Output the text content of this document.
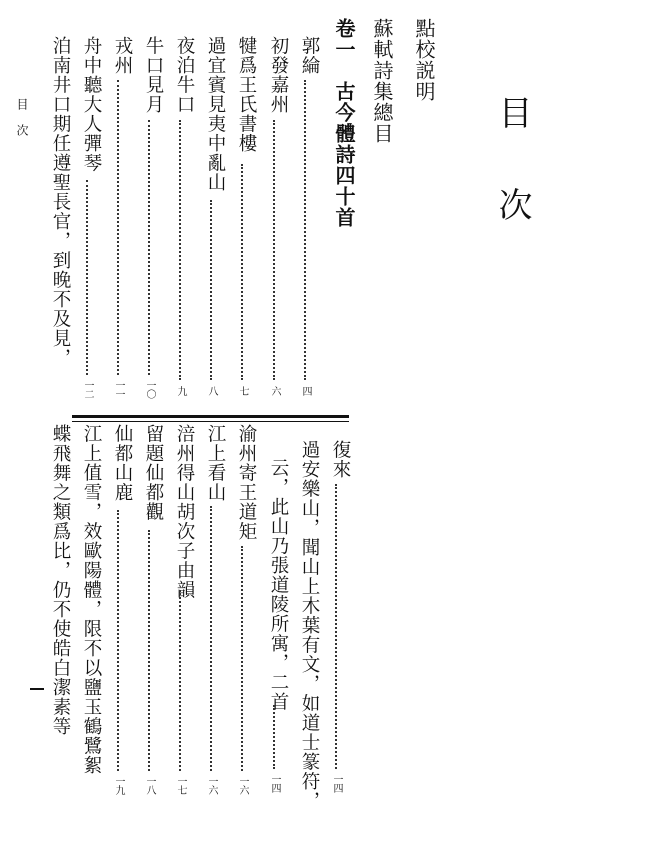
目次
點校説明
蘇軾詩集總目
卷一　古今體詩四十首
郭綸
四
初發嘉州
六
犍爲王氏書樓
七
過宜賓見夷中亂山
八
夜泊牛口
九
牛口見月
一〇
戎州
一一
舟中聽大人彈琴
一二
泊南井口期任遵聖長官，到晚不及見，
復來
一四
過安樂山，聞山上木葉有文，如道士篆符，
云，此山乃張道陵所寓，二首
一四
渝州寄王道矩
一六
江上看山
一六
涪州得山胡次子由韻
一七
留題仙都觀
一八
仙都山鹿
一九
江上值雪，效歐陽體，限不以鹽玉鶴鷺絮
蝶飛舞之類爲比，仍不使皓白潔素等
目次
